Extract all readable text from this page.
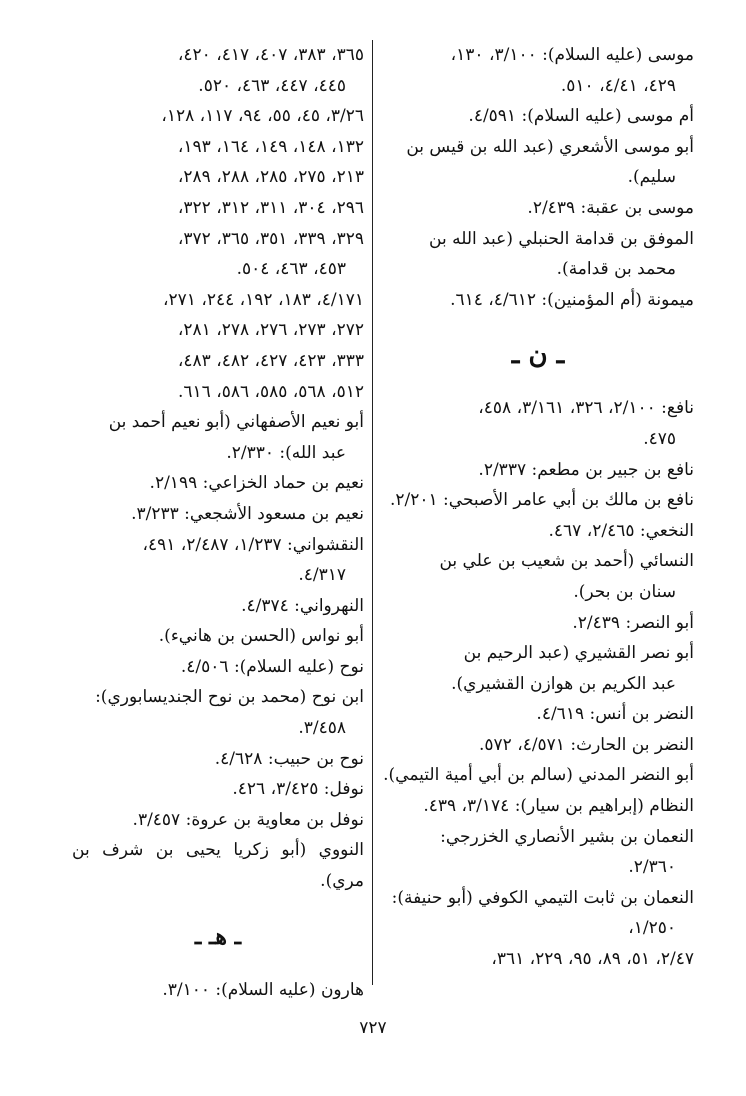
موسى (عليه السلام): ٣/١٠٠، ١٣٠،
٤٢٩، ٤/٤١، ٥١٠.
أم موسى (عليه السلام): ٤/٥٩١.
أبو موسى الأشعري (عبد الله بن قيس بن
سليم).
موسى بن عقبة: ٢/٤٣٩.
الموفق بن قدامة الحنبلي (عبد الله بن
محمد بن قدامة).
ميمونة (أم المؤمنين): ٤/٦١٢، ٦١٤.
ـ ن ـ
نافع: ٢/١٠٠، ٣٢٦، ٣/١٦١، ٤٥٨،
٤٧٥.
نافع بن جبير بن مطعم: ٢/٣٣٧.
نافع بن مالك بن أبي عامر الأصبحي: ٢/٢٠١.
النخعي: ٢/٤٦٥، ٤٦٧.
النسائي (أحمد بن شعيب بن علي بن
سنان بن بحر).
أبو النصر: ٢/٤٣٩.
أبو نصر القشيري (عبد الرحيم بن
عبد الكريم بن هوازن القشيري).
النضر بن أنس: ٤/٦١٩.
النضر بن الحارث: ٤/٥٧١، ٥٧٢.
أبو النضر المدني (سالم بن أبي أمية التيمي).
النظام (إبراهيم بن سيار): ٣/١٧٤، ٤٣٩.
النعمان بن بشير الأنصاري الخزرجي:
٢/٣٦٠.
النعمان بن ثابت التيمي الكوفي (أبو حنيفة):
١/٢٥٠،
٢/٤٧، ٥١، ٨٩، ٩٥، ٢٢٩، ٣٦١،
٣٦٥، ٣٨٣، ٤٠٧، ٤١٧، ٤٢٠،
٤٤٥، ٤٤٧، ٤٦٣، ٥٢٠.
٣/٢٦، ٤٥، ٥٥، ٩٤، ١١٧، ١٢٨،
١٣٢، ١٤٨، ١٤٩، ١٦٤، ١٩٣،
٢١٣، ٢٧٥، ٢٨٥، ٢٨٨، ٢٨٩،
٢٩٦، ٣٠٤، ٣١١، ٣١٢، ٣٢٢،
٣٢٩، ٣٣٩، ٣٥١، ٣٦٥، ٣٧٢،
٤٥٣، ٤٦٣، ٥٠٤.
٤/١٧١، ١٨٣، ١٩٢، ٢٤٤، ٢٧١،
٢٧٢، ٢٧٣، ٢٧٦، ٢٧٨، ٢٨١،
٣٣٣، ٤٢٣، ٤٢٧، ٤٨٢، ٤٨٣،
٥١٢، ٥٦٨، ٥٨٥، ٥٨٦، ٦١٦.
أبو نعيم الأصفهاني (أبو نعيم أحمد بن
عبد الله): ٢/٣٣٠.
نعيم بن حماد الخزاعي: ٢/١٩٩.
نعيم بن مسعود الأشجعي: ٣/٢٣٣.
النقشواني: ١/٢٣٧، ٢/٤٨٧، ٤٩١،
٤/٣١٧.
النهرواني: ٤/٣٧٤.
أبو نواس (الحسن بن هانيء).
نوح (عليه السلام): ٤/٥٠٦.
ابن نوح (محمد بن نوح الجنديسابوري):
٣/٤٥٨.
نوح بن حبيب: ٤/٦٢٨.
نوفل: ٣/٤٢٥، ٤٢٦.
نوفل بن معاوية بن عروة: ٣/٤٥٧.
النووي (أبو زكريا يحيى بن شرف بن مري).
ـ هـ ـ
هارون (عليه السلام): ٣/١٠٠.
٧٢٧
